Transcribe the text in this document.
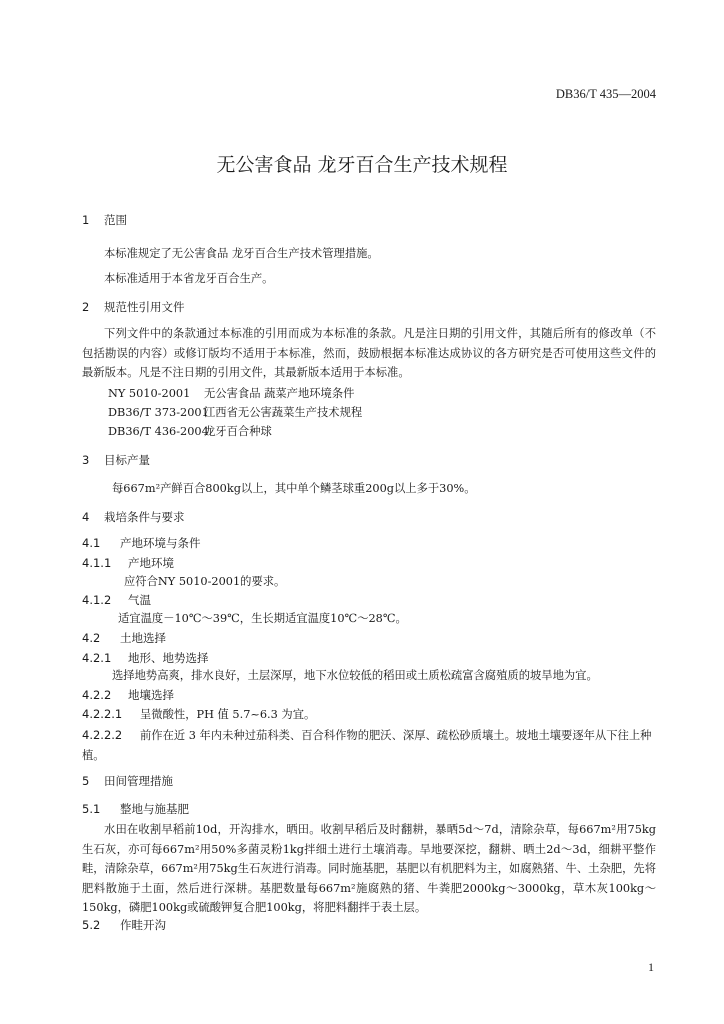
DB36/T 435—2004
无公害食品 龙牙百合生产技术规程
1 范围
本标准规定了无公害食品 龙牙百合生产技术管理措施。
本标准适用于本省龙牙百合生产。
2 规范性引用文件
下列文件中的条款通过本标准的引用而成为本标准的条款。凡是注日期的引用文件，其随后所有的修改单（不包括勘误的内容）或修订版均不适用于本标准，然而，鼓励根据本标准达成协议的各方研究是否可使用这些文件的最新版本。凡是不注日期的引用文件，其最新版本适用于本标准。
NY 5010-2001 无公害食品 蔬菜产地环境条件
DB36/T 373-2001江西省无公害蔬菜生产技术规程
DB36/T 436-2004龙牙百合种球
3 目标产量
每667m²产鲜百合800kg以上，其中单个鳞茎球重200g以上多于30%。
4 栽培条件与要求
4.1 产地环境与条件
4.1.1 产地环境
应符合NY 5010-2001的要求。
4.1.2 气温
适宜温度－10℃～39℃，生长期适宜温度10℃～28℃。
4.2 土地选择
4.2.1 地形、地势选择
选择地势高爽，排水良好，土层深厚，地下水位较低的稻田或土质松疏富含腐殖质的坡旱地为宜。
4.2.2 地壤选择
4.2.2.1 呈微酸性，PH 值 5.7~6.3 为宜。
4.2.2.2 前作在近 3 年内未种过茄科类、百合科作物的肥沃、深厚、疏松砂质壤土。坡地土壤要逐年从下往上种植。
5 田间管理措施
5.1 整地与施基肥
水田在收割早稻前10d，开沟排水，晒田。收割早稻后及时翻耕，暴晒5d～7d，清除杂草，每667m²用75kg生石灰，亦可每667m²用50%多菌灵粉1kg拌细土进行土壤消毒。旱地要深挖，翻耕、晒土2d～3d，细耕平整作畦，清除杂草，667m²用75kg生石灰进行消毒。同时施基肥，基肥以有机肥料为主，如腐熟猪、牛、土杂肥，先将肥料散施于土面，然后进行深耕。基肥数量每667m²施腐熟的猪、牛粪肥2000kg～3000kg，草木灰100kg～150kg，磷肥100kg或硫酸钾复合肥100kg，将肥料翻拌于表土层。
5.2 作畦开沟
1
